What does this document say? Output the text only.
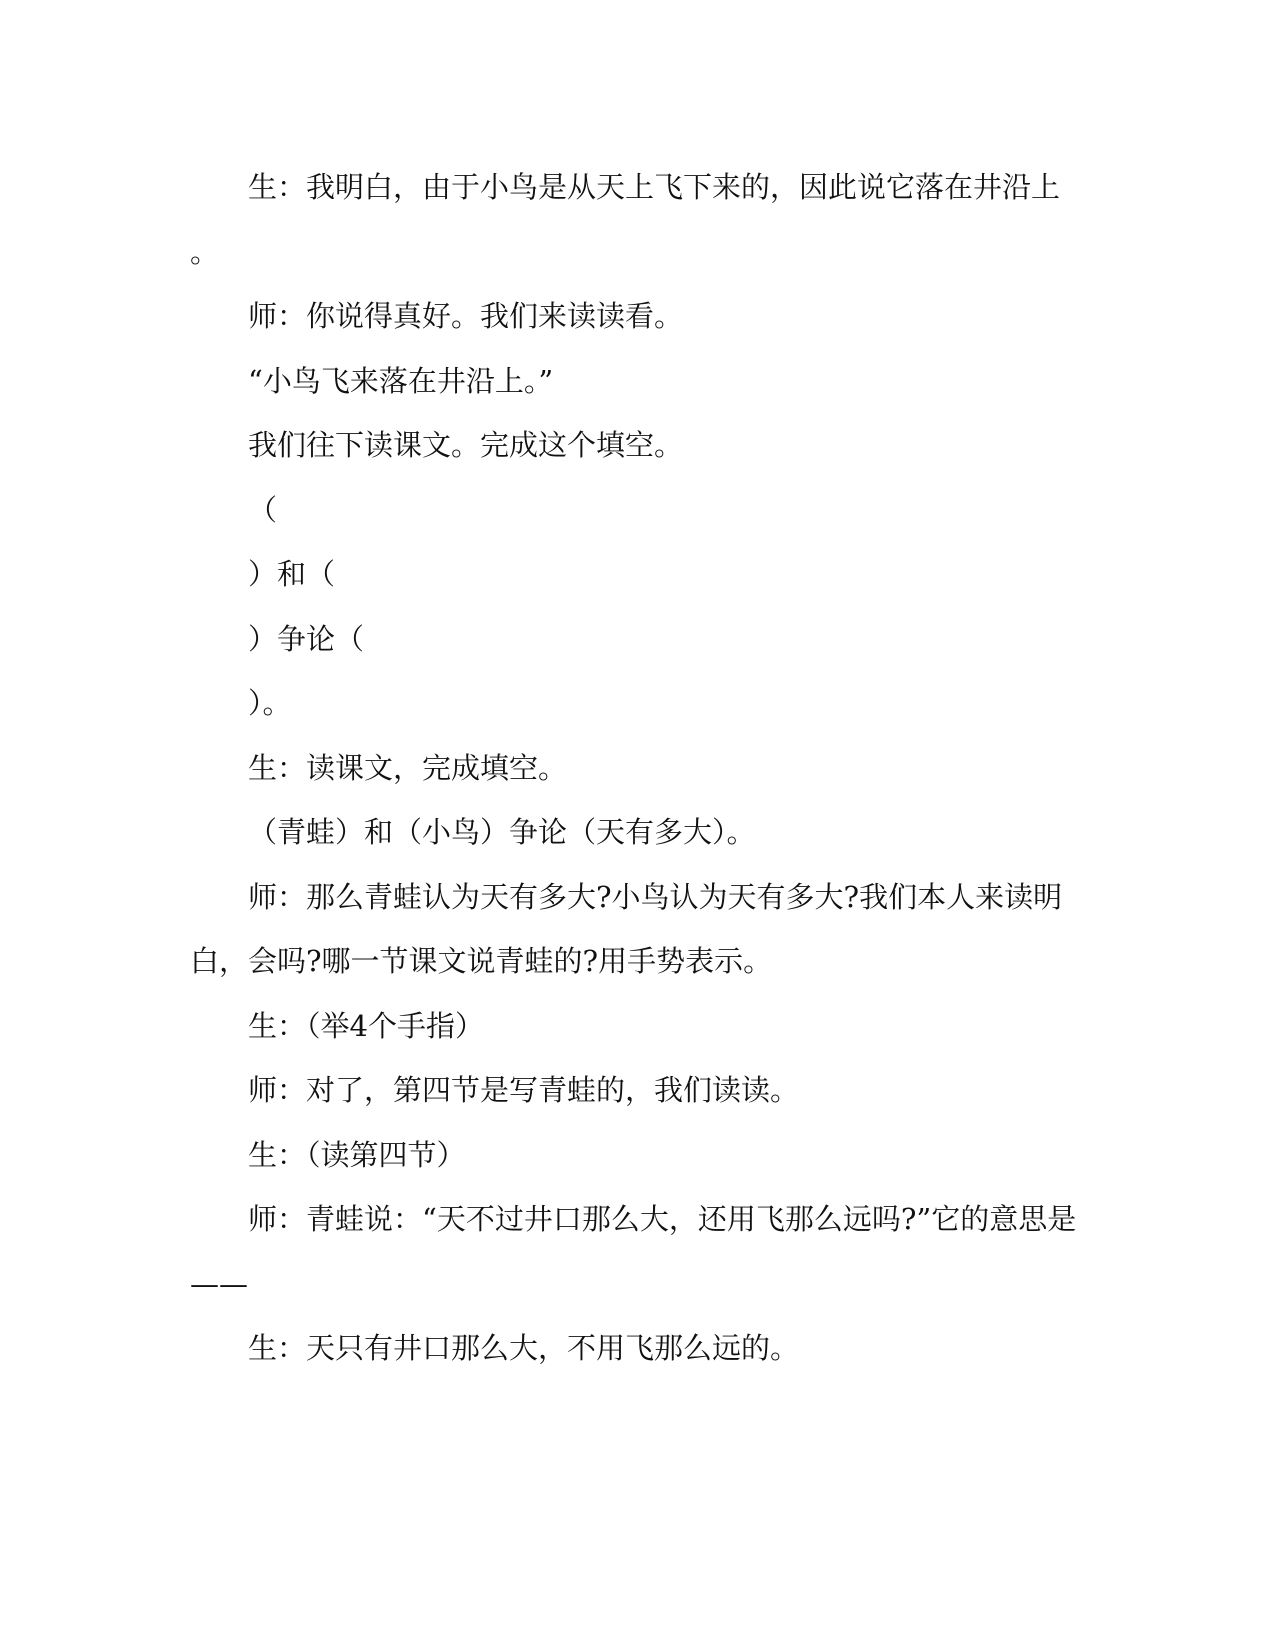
生：我明白，由于小鸟是从天上飞下来的，因此说它落在井沿上
。
师：你说得真好。我们来读读看。
“小鸟飞来落在井沿上。”
我们往下读课文。完成这个填空。
（
）和（
）争论（
）。
生：读课文，完成填空。
（青蛙）和（小鸟）争论（天有多大）。
师：那么青蛙认为天有多大?小鸟认为天有多大?我们本人来读明
白，会吗?哪一节课文说青蛙的?用手势表示。
生：（举4个手指）
师：对了，第四节是写青蛙的，我们读读。
生：（读第四节）
师：青蛙说：“天不过井口那么大，还用飞那么远吗?”它的意思是
——
生：天只有井口那么大，不用飞那么远的。
